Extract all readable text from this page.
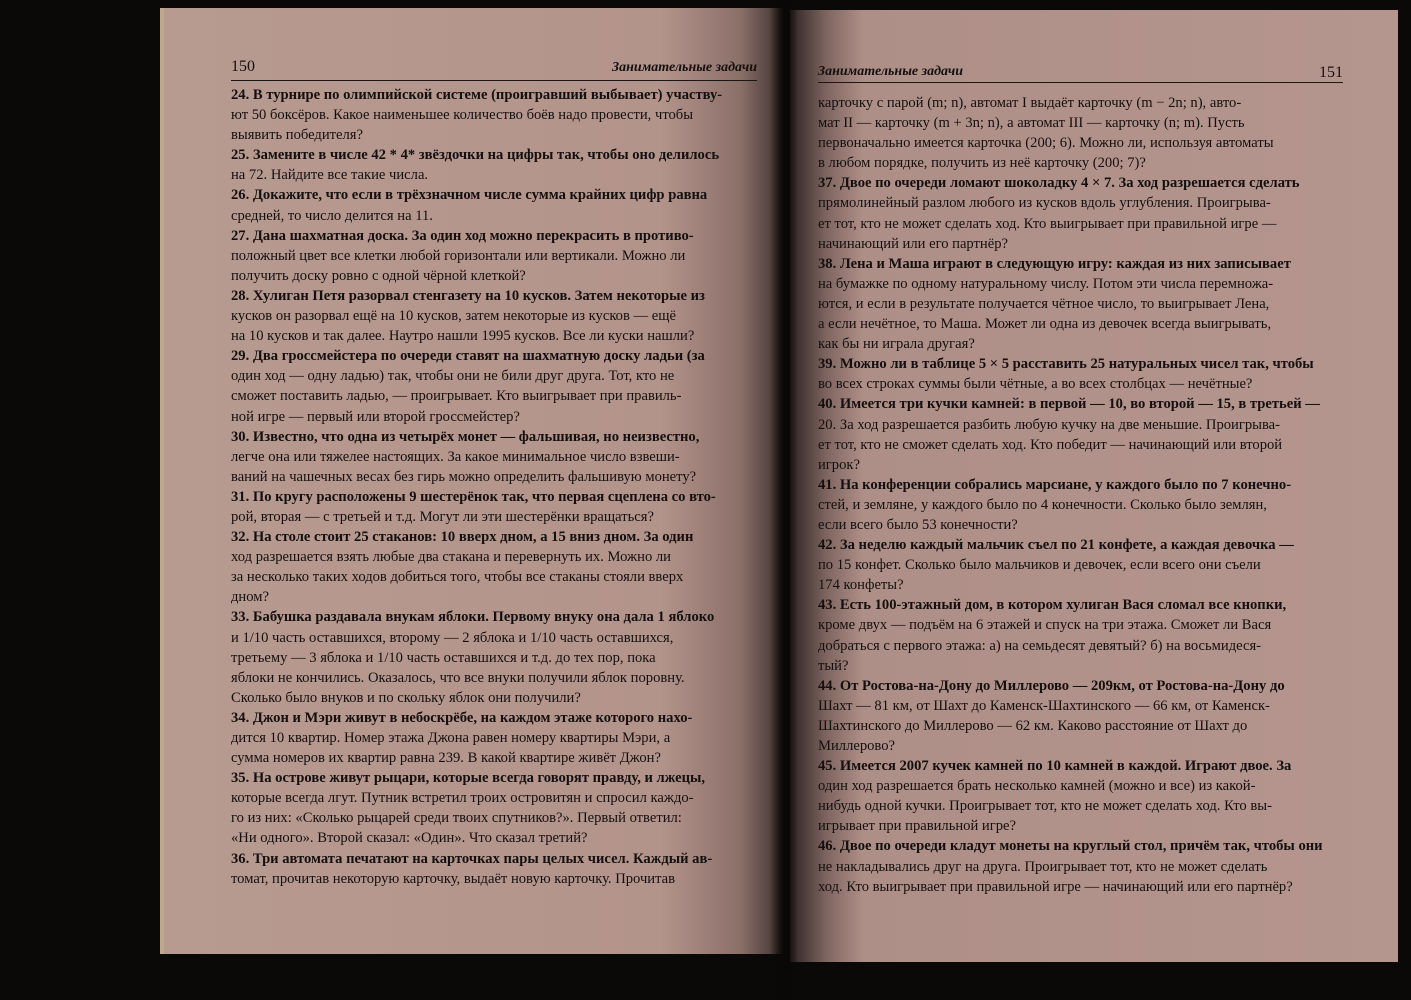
150	Занимательные задачи
24. В турнире по олимпийской системе (проигравший выбывает) участву-
ют 50 боксёров. Какое наименьшее количество боёв надо провести, чтобы
выявить победителя?
25. Замените в числе 42 * 4* звёздочки на цифры так, чтобы оно делилось
на 72. Найдите все такие числа.
26. Докажите, что если в трёхзначном числе сумма крайних цифр равна
средней, то число делится на 11.
27. Дана шахматная доска. За один ход можно перекрасить в противо-
положный цвет все клетки любой горизонтали или вертикали. Можно ли
получить доску ровно с одной чёрной клеткой?
28. Хулиган Петя разорвал стенгазету на 10 кусков. Затем некоторые из
кусков он разорвал ещё на 10 кусков, затем некоторые из кусков — ещё
на 10 кусков и так далее. Наутро нашли 1995 кусков. Все ли куски нашли?
29. Два гроссмейстера по очереди ставят на шахматную доску ладьи (за
один ход — одну ладью) так, чтобы они не били друг друга. Тот, кто не
сможет поставить ладью, — проигрывает. Кто выигрывает при правиль-
ной игре — первый или второй гроссмейстер?
30. Известно, что одна из четырёх монет — фальшивая, но неизвестно,
легче она или тяжелее настоящих. За какое минимальное число взвеши-
ваний на чашечных весах без гирь можно определить фальшивую монету?
31. По кругу расположены 9 шестерёнок так, что первая сцеплена со вто-
рой, вторая — с третьей и т.д. Могут ли эти шестерёнки вращаться?
32. На столе стоит 25 стаканов: 10 вверх дном, а 15 вниз дном. За один
ход разрешается взять любые два стакана и перевернуть их. Можно ли
за несколько таких ходов добиться того, чтобы все стаканы стояли вверх
дном?
33. Бабушка раздавала внукам яблоки. Первому внуку она дала 1 яблоко
и 1/10 часть оставшихся, второму — 2 яблока и 1/10 часть оставшихся,
третьему — 3 яблока и 1/10 часть оставшихся и т.д. до тех пор, пока
яблоки не кончились. Оказалось, что все внуки получили яблок поровну.
Сколько было внуков и по скольку яблок они получили?
34. Джон и Мэри живут в небоскрёбе, на каждом этаже которого нахо-
дится 10 квартир. Номер этажа Джона равен номеру квартиры Мэри, а
сумма номеров их квартир равна 239. В какой квартире живёт Джон?
35. На острове живут рыцари, которые всегда говорят правду, и лжецы,
которые всегда лгут. Путник встретил троих островитян и спросил каждо-
го из них: «Сколько рыцарей среди твоих спутников?». Первый ответил:
«Ни одного». Второй сказал: «Один». Что сказал третий?
36. Три автомата печатают на карточках пары целых чисел. Каждый ав-
томат, прочитав некоторую карточку, выдаёт новую карточку. Прочитав
Занимательные задачи	151
карточку с парой (m; n), автомат I выдаёт карточку (m − 2n; n), авто-
мат II — карточку (m + 3n; n), а автомат III — карточку (n; m). Пусть
первоначально имеется карточка (200; 6). Можно ли, используя автоматы
в любом порядке, получить из неё карточку (200; 7)?
37. Двое по очереди ломают шоколадку 4 × 7. За ход разрешается сделать
прямолинейный разлом любого из кусков вдоль углубления. Проигрыва-
ет тот, кто не может сделать ход. Кто выигрывает при правильной игре —
начинающий или его партнёр?
38. Лена и Маша играют в следующую игру: каждая из них записывает
на бумажке по одному натуральному числу. Потом эти числа перемножа-
ются, и если в результате получается чётное число, то выигрывает Лена,
а если нечётное, то Маша. Может ли одна из девочек всегда выигрывать,
как бы ни играла другая?
39. Можно ли в таблице 5 × 5 расставить 25 натуральных чисел так, чтобы
во всех строках суммы были чётные, а во всех столбцах — нечётные?
40. Имеется три кучки камней: в первой — 10, во второй — 15, в третьей —
20. За ход разрешается разбить любую кучку на две меньшие. Проигрыва-
ет тот, кто не сможет сделать ход. Кто победит — начинающий или второй
игрок?
41. На конференции собрались марсиане, у каждого было по 7 конечно-
стей, и земляне, у каждого было по 4 конечности. Сколько было землян,
если всего было 53 конечности?
42. За неделю каждый мальчик съел по 21 конфете, а каждая девочка —
по 15 конфет. Сколько было мальчиков и девочек, если всего они съели
174 конфеты?
43. Есть 100-этажный дом, в котором хулиган Вася сломал все кнопки,
кроме двух — подъём на 6 этажей и спуск на три этажа. Сможет ли Вася
добраться с первого этажа: а) на семьдесят девятый? б) на восьмидеся-
тый?
44. От Ростова-на-Дону до Миллерово — 209км, от Ростова-на-Дону до
Шахт — 81 км, от Шахт до Каменск-Шахтинского — 66 км, от Каменск-
Шахтинского до Миллерово — 62 км. Каково расстояние от Шахт до
Миллерово?
45. Имеется 2007 кучек камней по 10 камней в каждой. Играют двое. За
один ход разрешается брать несколько камней (можно и все) из какой-
нибудь одной кучки. Проигрывает тот, кто не может сделать ход. Кто вы-
игрывает при правильной игре?
46. Двое по очереди кладут монеты на круглый стол, причём так, чтобы они
не накладывались друг на друга. Проигрывает тот, кто не может сделать
ход. Кто выигрывает при правильной игре — начинающий или его партнёр?
